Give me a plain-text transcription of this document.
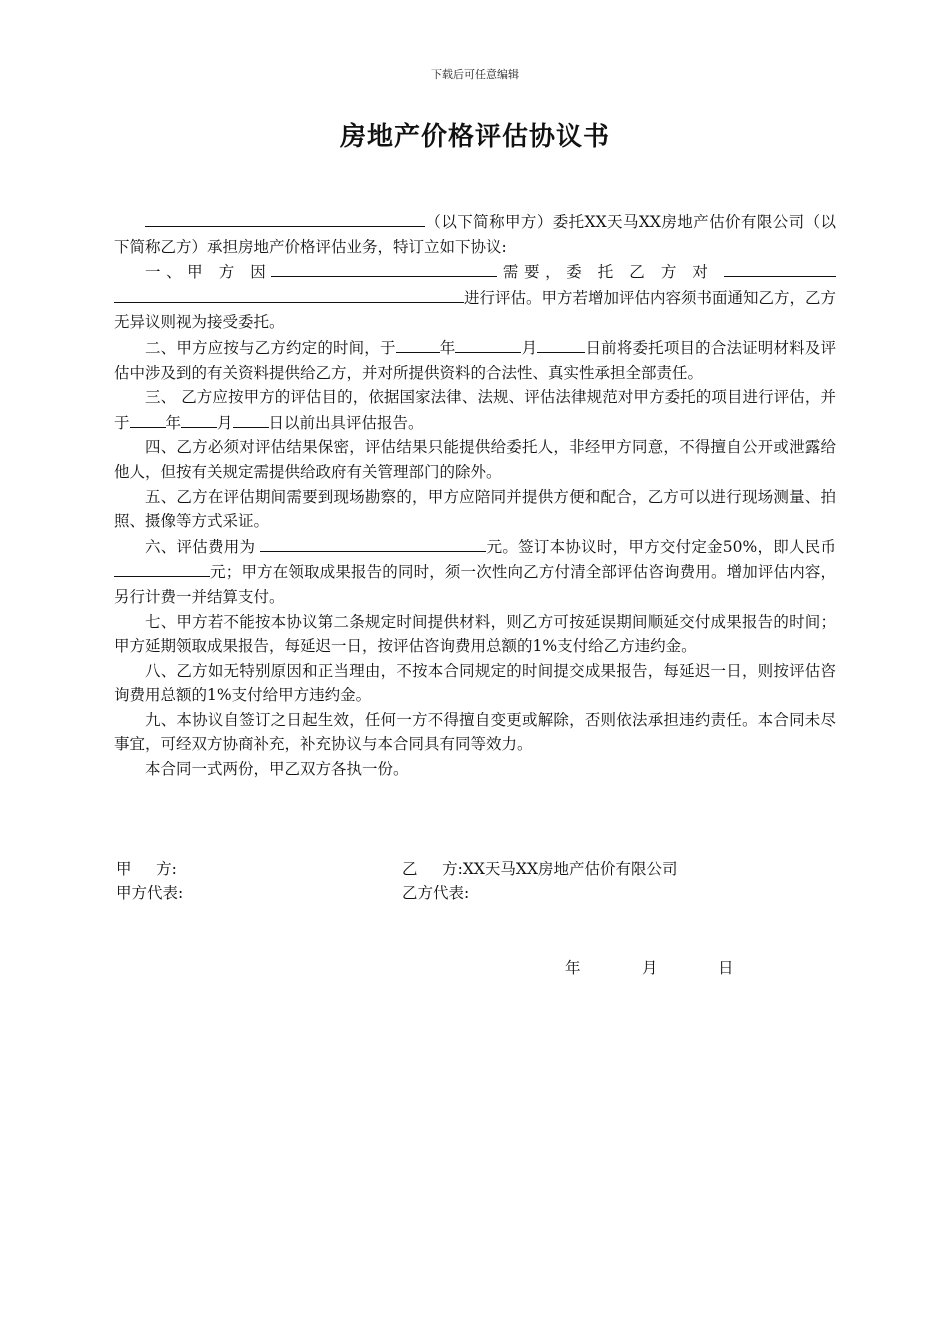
下载后可任意编辑
房地产价格评估协议书

（以下简称甲方）委托XX天马XX房地产估价有限公司（以下简称乙方）承担房地产价格评估业务，特订立如下协议:

一、甲 方 因	需要，委 托 乙 方 对 进行评估。甲方若增加评估内容须书面通知乙方，乙方无异议则视为接受委托。

二、甲方应按与乙方约定的时间，于	年	月	日前将委托项目的合法证明材料及评估中涉及到的有关资料提供给乙方，并对所提供资料的合法性、真实性承担全部责任。

三、 乙方应按甲方的评估目的，依据国家法律、法规、评估法律规范对甲方委托的项目进行评估，并于 年 月 日以前出具评估报告。

四、乙方必须对评估结果保密，评估结果只能提供给委托人，非经甲方同意，不得擅自公开或泄露给他人，但按有关规定需提供给政府有关管理部门的除外。

五、乙方在评估期间需要到现场勘察的，甲方应陪同并提供方便和配合，乙方可以进行现场测量、拍照、摄像等方式采证。

六、评估费用为	元。签订本协议时，甲方交付定金50%，即人民币元；甲方在领取成果报告的同时，须一次性向乙方付清全部评估咨询费用。增加评估内容，另行计费一并结算支付。

七、甲方若不能按本协议第二条规定时间提供材料，则乙方可按延误期间顺延交付成果报告的时间；甲方延期领取成果报告，每延迟一日，按评估咨询费用总额的1%支付给乙方违约金。

八、乙方如无特别原因和正当理由，不按本合同规定的时间提交成果报告，每延迟一日，则按评估咨询费用总额的1%支付给甲方违约金。

九、本协议自签订之日起生效，任何一方不得擅自变更或解除，否则依法承担违约责任。本合同未尽事宜，可经双方协商补充，补充协议与本合同具有同等效力。

本合同一式两份，甲乙双方各执一份。

甲     方:
甲方代表:
乙     方:XX天马XX房地产估价有限公司
乙方代表:
年	月	日
